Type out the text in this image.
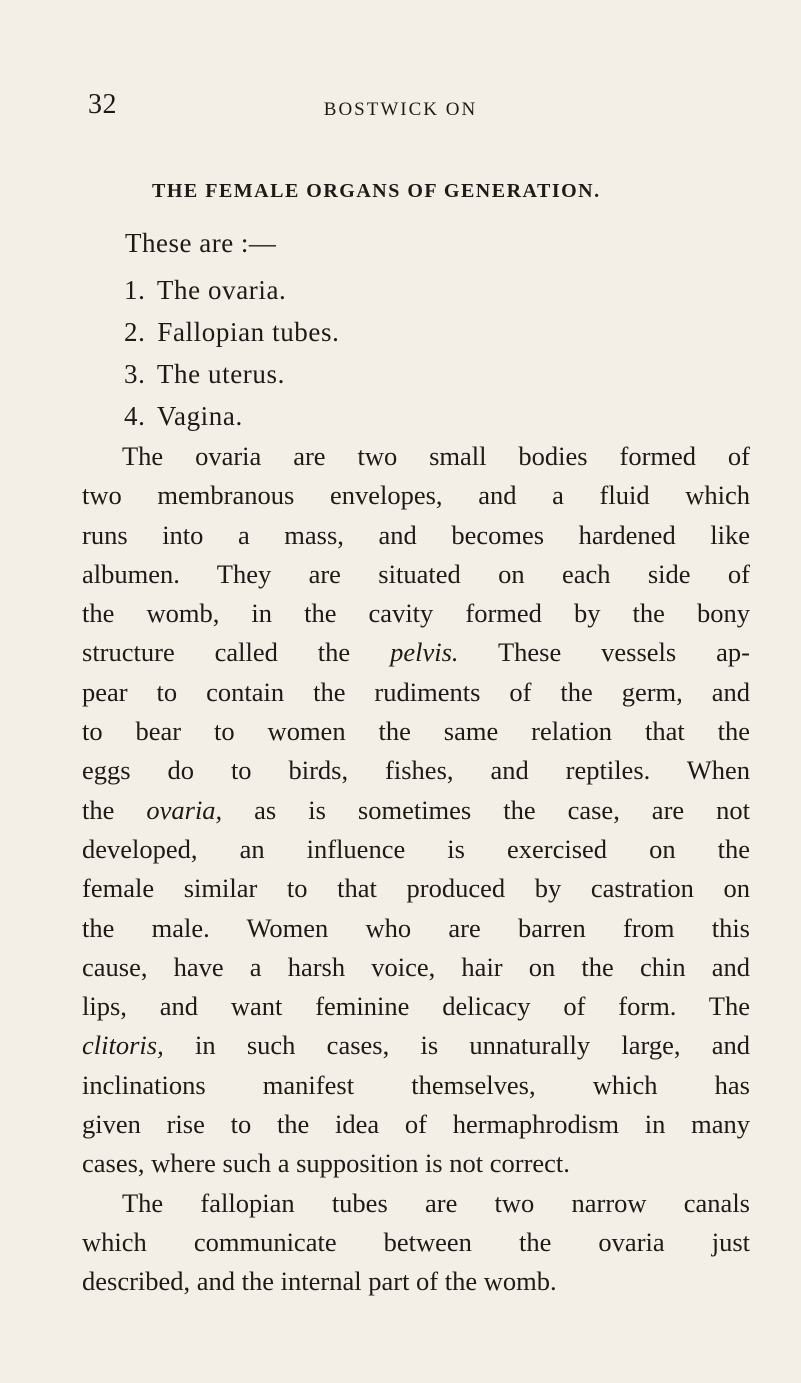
32	BOSTWICK ON
THE FEMALE ORGANS OF GENERATION.
These are :—
1. The ovaria.
2. Fallopian tubes.
3. The uterus.
4. Vagina.
The ovaria are two small bodies formed of
two membranous envelopes, and a fluid which
runs into a mass, and becomes hardened like
albumen. They are situated on each side of
the womb, in the cavity formed by the bony
structure called the pelvis. These vessels ap-
pear to contain the rudiments of the germ, and
to bear to women the same relation that the
eggs do to birds, fishes, and reptiles. When
the ovaria, as is sometimes the case, are not
developed, an influence is exercised on the
female similar to that produced by castration on
the male. Women who are barren from this
cause, have a harsh voice, hair on the chin and
lips, and want feminine delicacy of form. The
clitoris, in such cases, is unnaturally large, and
inclinations manifest themselves, which has
given rise to the idea of hermaphrodism in many
cases, where such a supposition is not correct.
The fallopian tubes are two narrow canals
which communicate between the ovaria just
described, and the internal part of the womb.
